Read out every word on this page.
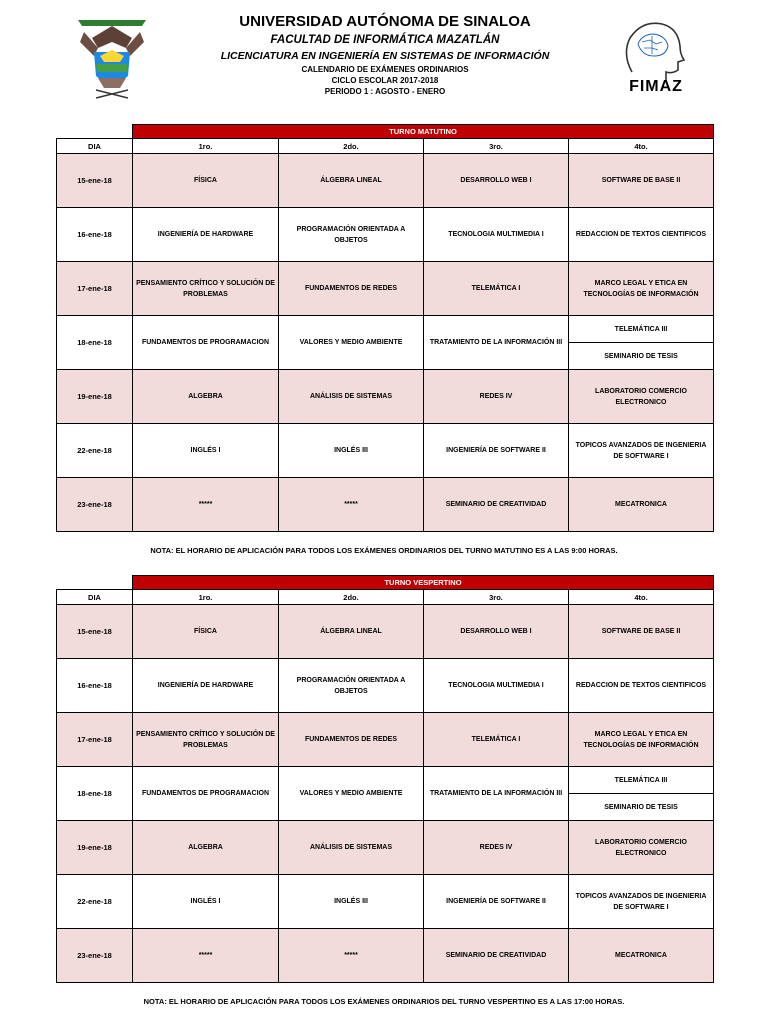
UNIVERSIDAD AUTÓNOMA DE SINALOA
FACULTAD DE INFORMÁTICA MAZATLÁN
LICENCIATURA EN INGENIERÍA EN SISTEMAS DE INFORMACIÓN
CALENDARIO DE EXÁMENES ORDINARIOS
CICLO ESCOLAR 2017-2018
PERIODO 1 : AGOSTO - ENERO	FIMAZ
	TURNO MATUTINO			
DIA	1ro.	2do.	3ro.	4to.
15-ene-18	FÍSICA	ÁLGEBRA LINEAL	DESARROLLO WEB I	SOFTWARE DE BASE II
16-ene-18	INGENIERÍA DE HARDWARE	PROGRAMACIÓN ORIENTADA A OBJETOS	TECNOLOGIA MULTIMEDIA I	REDACCION DE TEXTOS CIENTIFICOS
17-ene-18	PENSAMIENTO CRÍTICO Y SOLUCIÓN DE PROBLEMAS	FUNDAMENTOS DE REDES	TELEMÁTICA I	MARCO LEGAL Y ETICA EN TECNOLOGÍAS DE INFORMACIÓN
18-ene-18	FUNDAMENTOS DE PROGRAMACION	VALORES Y MEDIO AMBIENTE	TRATAMIENTO DE LA INFORMACIÓN III	TELEMÁTICA III
				SEMINARIO DE TESIS
19-ene-18	ALGEBRA	ANÁLISIS DE SISTEMAS	REDES IV	LABORATORIO COMERCIO ELECTRONICO
22-ene-18	INGLÉS I	INGLÉS III	INGENIERÍA DE SOFTWARE II	TOPICOS AVANZADOS DE INGENIERIA DE SOFTWARE I
23-ene-18	*****	*****	SEMINARIO DE CREATIVIDAD	MECATRONICA
NOTA: EL HORARIO DE APLICACIÓN PARA TODOS LOS EXÁMENES ORDINARIOS DEL TURNO MATUTINO ES A LAS 9:00 HORAS.
	TURNO VESPERTINO			
DIA	1ro.	2do.	3ro.	4to.
15-ene-18	FÍSICA	ÁLGEBRA LINEAL	DESARROLLO WEB I	SOFTWARE DE BASE II
16-ene-18	INGENIERÍA DE HARDWARE	PROGRAMACIÓN ORIENTADA A OBJETOS	TECNOLOGIA MULTIMEDIA I	REDACCION DE TEXTOS CIENTIFICOS
17-ene-18	PENSAMIENTO CRÍTICO Y SOLUCIÓN DE PROBLEMAS	FUNDAMENTOS DE REDES	TELEMÁTICA I	MARCO LEGAL Y ETICA EN TECNOLOGÍAS DE INFORMACIÓN
18-ene-18	FUNDAMENTOS DE PROGRAMACION	VALORES Y MEDIO AMBIENTE	TRATAMIENTO DE LA INFORMACIÓN III	TELEMÁTICA III
				SEMINARIO DE TESIS
19-ene-18	ALGEBRA	ANÁLISIS DE SISTEMAS	REDES IV	LABORATORIO COMERCIO ELECTRONICO
22-ene-18	INGLÉS I	INGLÉS III	INGENIERÍA DE SOFTWARE II	TOPICOS AVANZADOS DE INGENIERIA DE SOFTWARE I
23-ene-18	*****	*****	SEMINARIO DE CREATIVIDAD	MECATRONICA
NOTA: EL HORARIO DE APLICACIÓN PARA TODOS LOS EXÁMENES ORDINARIOS DEL TURNO VESPERTINO ES A LAS 17:00 HORAS.
